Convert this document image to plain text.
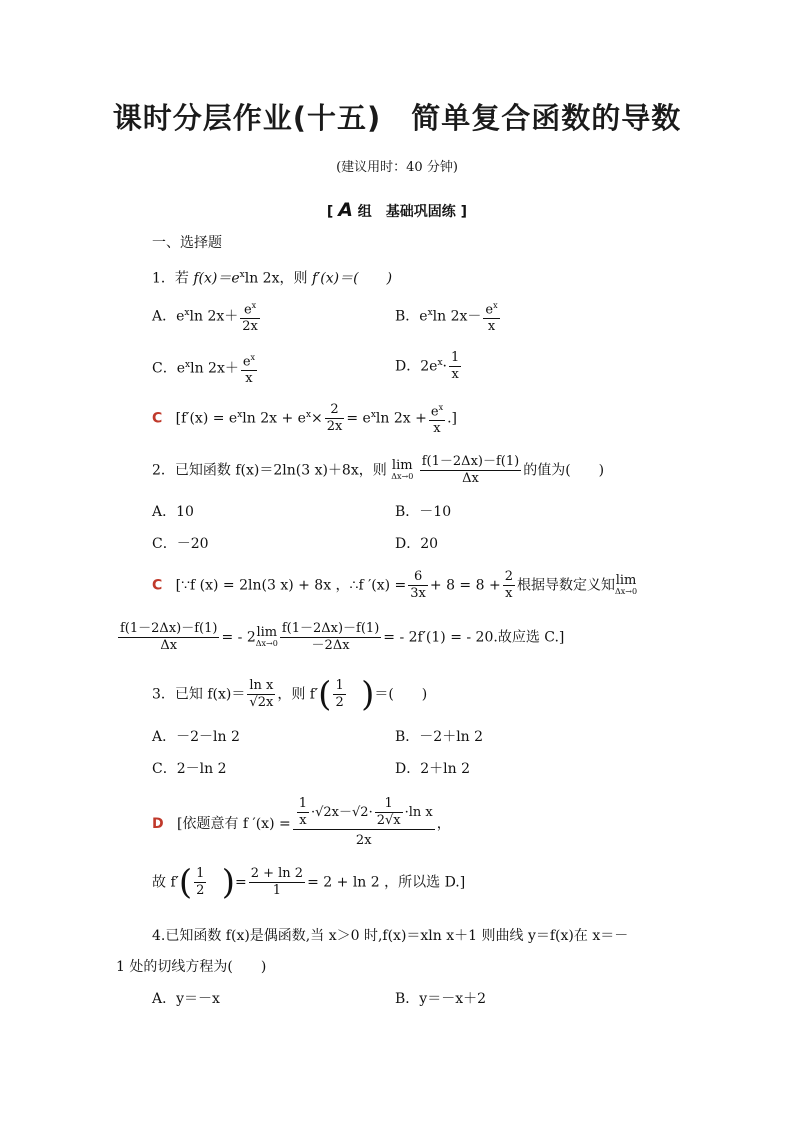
课时分层作业(十五)　简单复合函数的导数
(建议用时：40 分钟)
[ A 组　基础巩固练 ]
一、选择题
1．若 $f(x)=e^x\ln$ 2x，则 f′(x)＝(　　)
A．$e^x\ln$ $2x+ \frac{e^x}{2x}$	B．$e^x\ln$ $2x- \frac{e^x}{x}$
C．$e^x\ln$ $2x+ \frac{e^x}{x}$	D．$2e^x\cdot \frac{1}{x}$
C [$f'(x) = e^x\ln$ $2x + e^x\times \frac{2}{2x} = e^x\ln$ $2x + \frac{e^x}{x}$ .]
2．已知函数 f(x)＝2ln(3 x)＋8x，则 lim
Δx→0
$\frac{f(1-2\Delta x)-f(1)}{\Delta x}$ 的值为(　　)
A．10	B．－10
C．－20	D．20
C [∵f (x) = 2ln(3 x) + 8x ，∴f $'(x) = \frac{6}{3x} + 8 = 8 + \frac{2}{x}$ 根据导数定义知lim
Δx→0
$\frac{f(1-2\Delta x)-f(1)}{\Delta x}$ = - 2lim
$\Delta x\to 0 \frac{f(1-2\Delta x)-f(1)}{-2\Delta x}$ = - 2f′(1) = - 20.故应选 C.]
3．已知 $f(x)= \frac{\text{ln x}}{√2x}$ ，则 $f'( \frac{1}{2}$ )＝(　　)
A．－2－ln 2	B．－2＋ln 2
C．2－ln 2	D．2＋ln 2
D [依题意有 f $'(x) = \frac{\frac{1}{x} \cdot√2x-√2\cdot \frac{1}{2√x} \cdot\ln x}{2x}$ ，
故 $f'( \frac{1}{2}$ )= $\frac{2 + \ln 2}{1} = 2 + \ln 2$ ，所以选 D.]
4.已知函数 f(x)是偶函数,当 x＞0 时,f(x)＝xln x＋1 则曲线 y＝f(x)在 x＝－
1 处的切线方程为(　　)
A．y＝－x	B．y＝－x＋2
